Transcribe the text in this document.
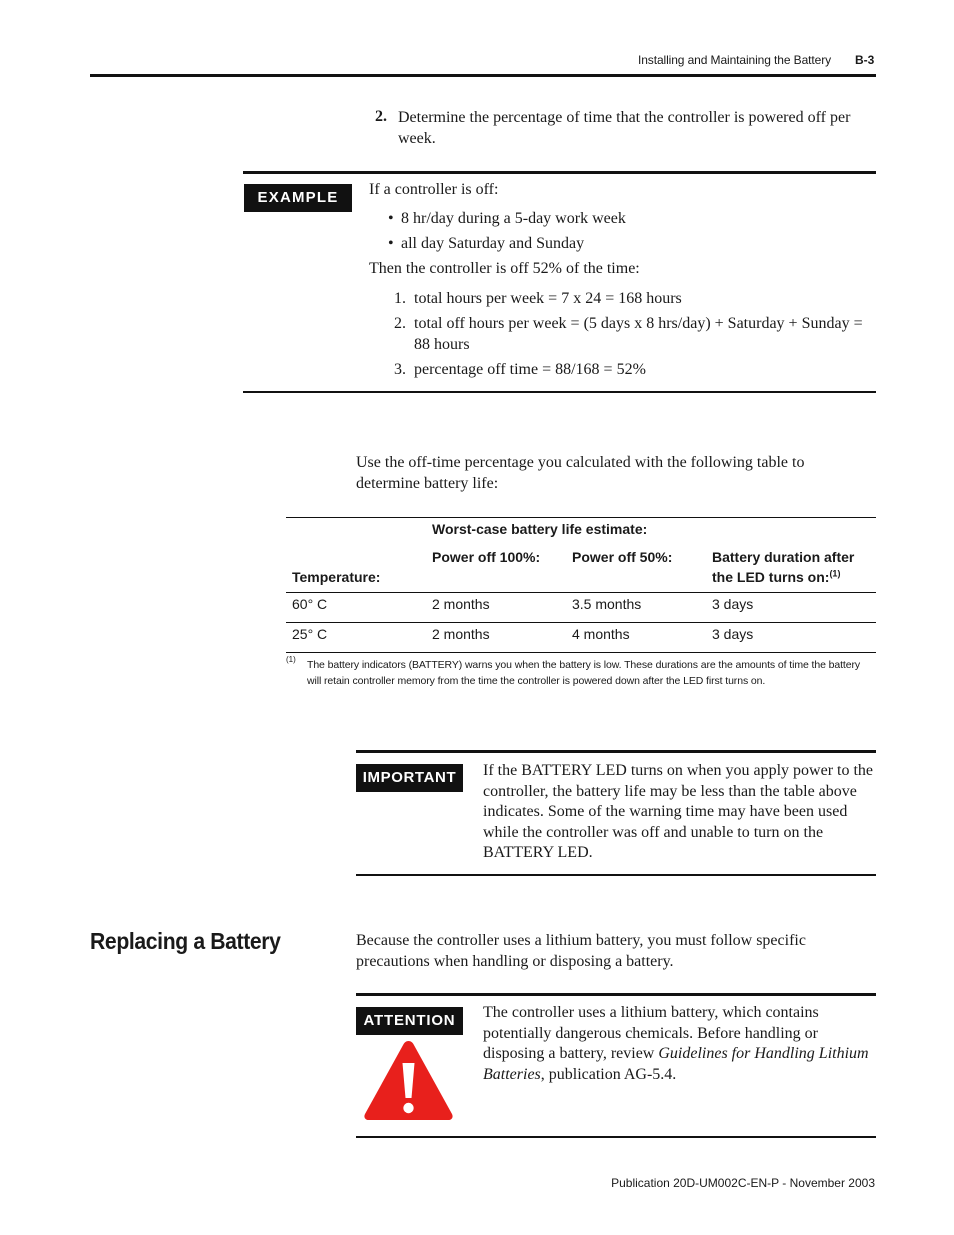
Installing and Maintaining the Battery B-3
2. Determine the percentage of time that the controller is powered off per week.
EXAMPLE	If a controller is off:
• 8 hr/day during a 5-day work week
• all day Saturday and Sunday
Then the controller is off 52% of the time:
1. total hours per week = 7 x 24 = 168 hours
2. total off hours per week = (5 days x 8 hrs/day) + Saturday + Sunday = 88 hours
3. percentage off time = 88/168 = 52%
Use the off-time percentage you calculated with the following table to determine battery life:
	Worst-case battery life estimate:		
Temperature:	Power off 100%:	Power off 50%:	Battery duration after the LED turns on:$^{(1)}$
60° C	2 months	3.5 months	3 days
25° C	2 months	4 months	3 days
(1) The battery indicators (BATTERY) warns you when the battery is low. These durations are the amounts of time the battery will retain controller memory from the time the controller is powered down after the LED first turns on.
IMPORTANT	If the BATTERY LED turns on when you apply power to the controller, the battery life may be less than the table above indicates. Some of the warning time may have been used while the controller was off and unable to turn on the BATTERY LED.
Replacing a Battery	Because the controller uses a lithium battery, you must follow specific precautions when handling or disposing a battery.
ATTENTION	The controller uses a lithium battery, which contains potentially dangerous chemicals. Before handling or disposing a battery, review Guidelines for Handling Lithium Batteries, publication AG-5.4.
Publication 20D-UM002C-EN-P - November 2003
